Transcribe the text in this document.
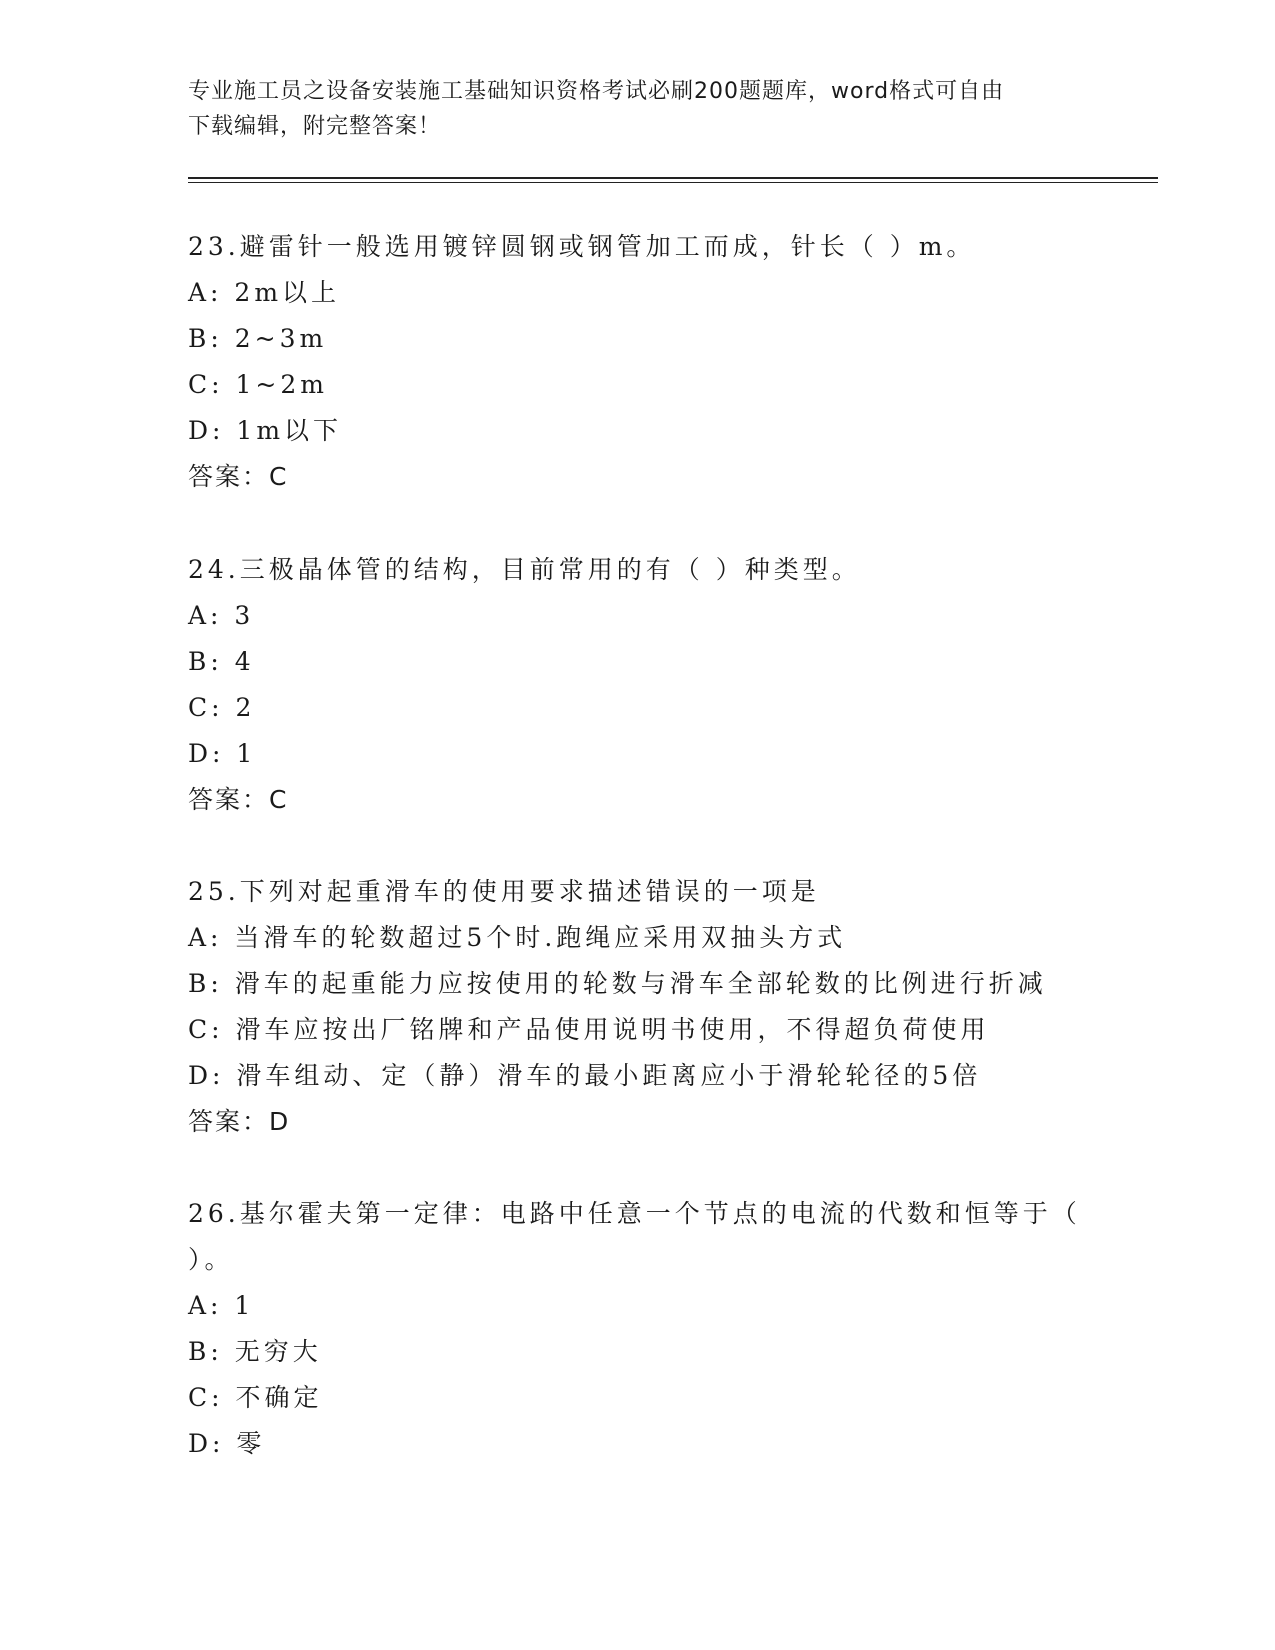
专业施工员之设备安装施工基础知识资格考试必刷200题题库，word格式可自由
下载编辑，附完整答案！
23.避雷针一般选用镀锌圆钢或钢管加工而成，针长（ ）m。
A: 2m以上
B: 2~3m
C: 1~2m
D: 1m以下
答案：C
24.三极晶体管的结构，目前常用的有（ ）种类型。
A: 3
B: 4
C: 2
D: 1
答案：C
25.下列对起重滑车的使用要求描述错误的一项是
A: 当滑车的轮数超过5个时.跑绳应采用双抽头方式
B: 滑车的起重能力应按使用的轮数与滑车全部轮数的比例进行折减
C: 滑车应按出厂铭牌和产品使用说明书使用，不得超负荷使用
D: 滑车组动、定（静）滑车的最小距离应小于滑轮轮径的5倍
答案：D
26.基尔霍夫第一定律：电路中任意一个节点的电流的代数和恒等于（
）。
A: 1
B: 无穷大
C: 不确定
D: 零
